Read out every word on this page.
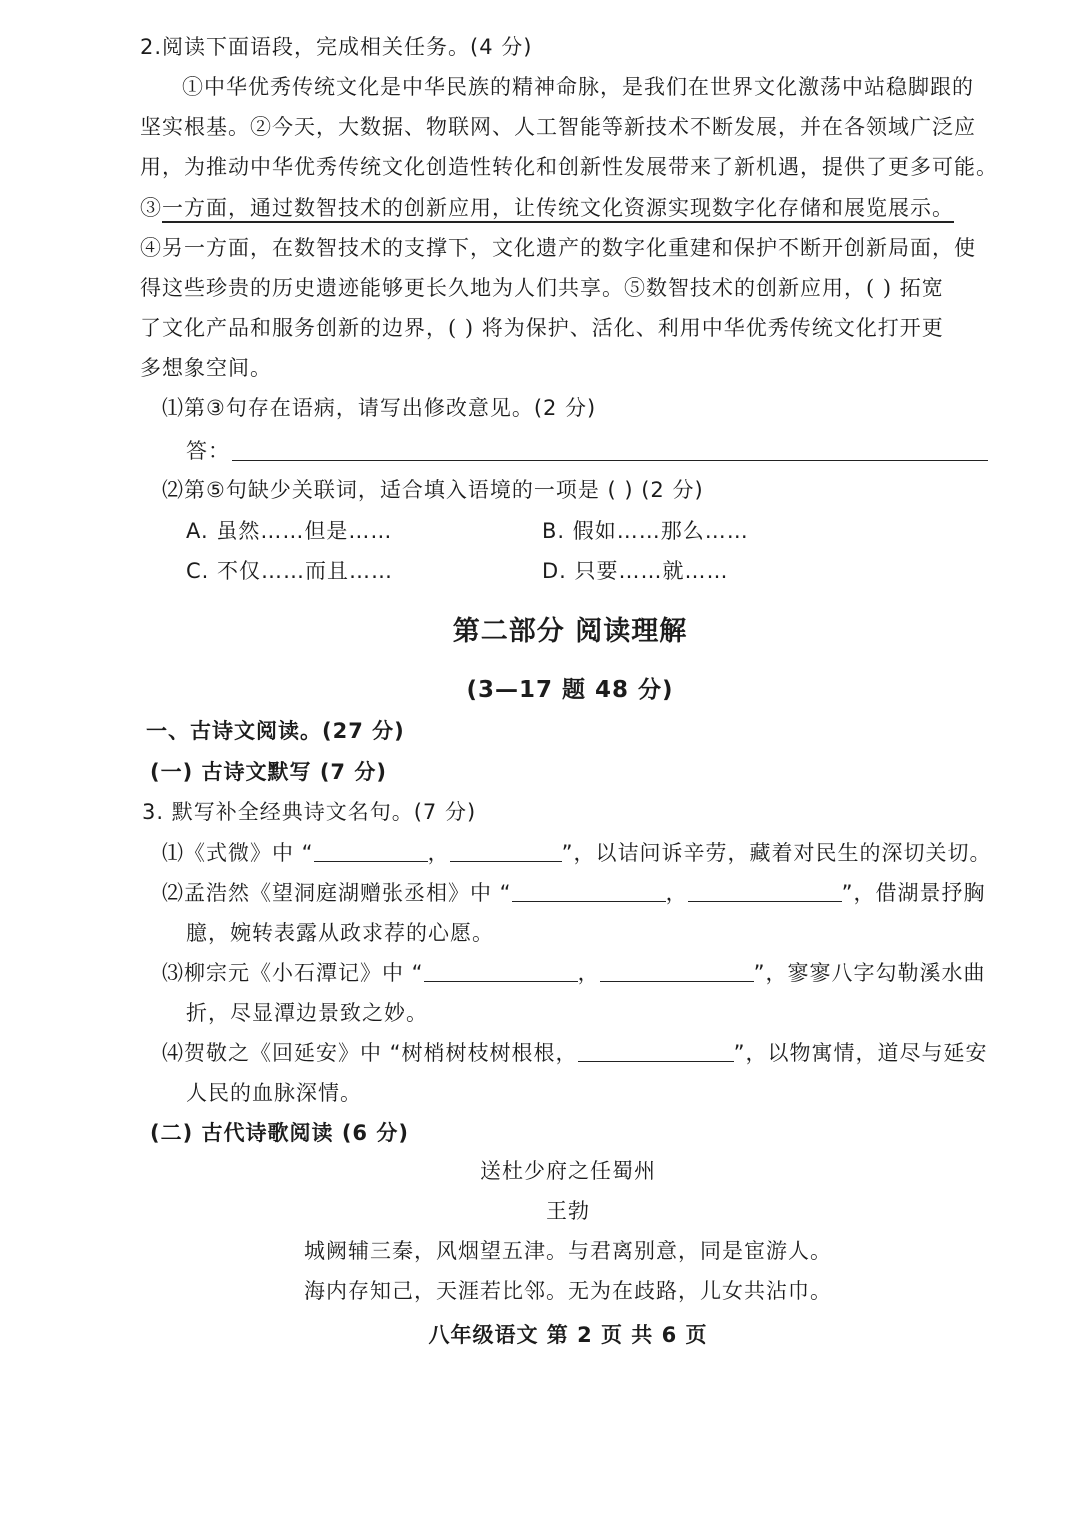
2.阅读下面语段，完成相关任务。(4 分)
①中华优秀传统文化是中华民族的精神命脉，是我们在世界文化激荡中站稳脚跟的
坚实根基。②今天，大数据、物联网、人工智能等新技术不断发展，并在各领域广泛应
用，为推动中华优秀传统文化创造性转化和创新性发展带来了新机遇，提供了更多可能。
③一方面，通过数智技术的创新应用，让传统文化资源实现数字化存储和展览展示。
④另一方面，在数智技术的支撑下，文化遗产的数字化重建和保护不断开创新局面，使
得这些珍贵的历史遗迹能够更长久地为人们共享。⑤数智技术的创新应用，( ) 拓宽
了文化产品和服务创新的边界，( ) 将为保护、活化、利用中华优秀传统文化打开更
多想象空间。
⑴第③句存在语病，请写出修改意见。(2 分)
答：
⑵第⑤句缺少关联词，适合填入语境的一项是 ( ) (2 分)
A. 虽然……但是……	B. 假如……那么……
C. 不仅……而且……	D. 只要……就……
第二部分 阅读理解
(3—17 题 48 分)
一、古诗文阅读。(27 分)
(一) 古诗文默写 (7 分)
3. 默写补全经典诗文名句。(7 分)
⑴《式微》中 “	，	”，以诘问诉辛劳，藏着对民生的深切关切。
⑵孟浩然《望洞庭湖赠张丞相》中 “	，	”，借湖景抒胸
臆，婉转表露从政求荐的心愿。
⑶柳宗元《小石潭记》中 “	，	”，寥寥八字勾勒溪水曲
折，尽显潭边景致之妙。
⑷贺敬之《回延安》中 “树梢树枝树根根，	”，以物寓情，道尽与延安
人民的血脉深情。
(二) 古代诗歌阅读 (6 分)
送杜少府之任蜀州
王勃
城阙辅三秦，风烟望五津。与君离别意，同是宦游人。
海内存知己，天涯若比邻。无为在歧路，儿女共沾巾。
八年级语文 第 2 页 共 6 页
